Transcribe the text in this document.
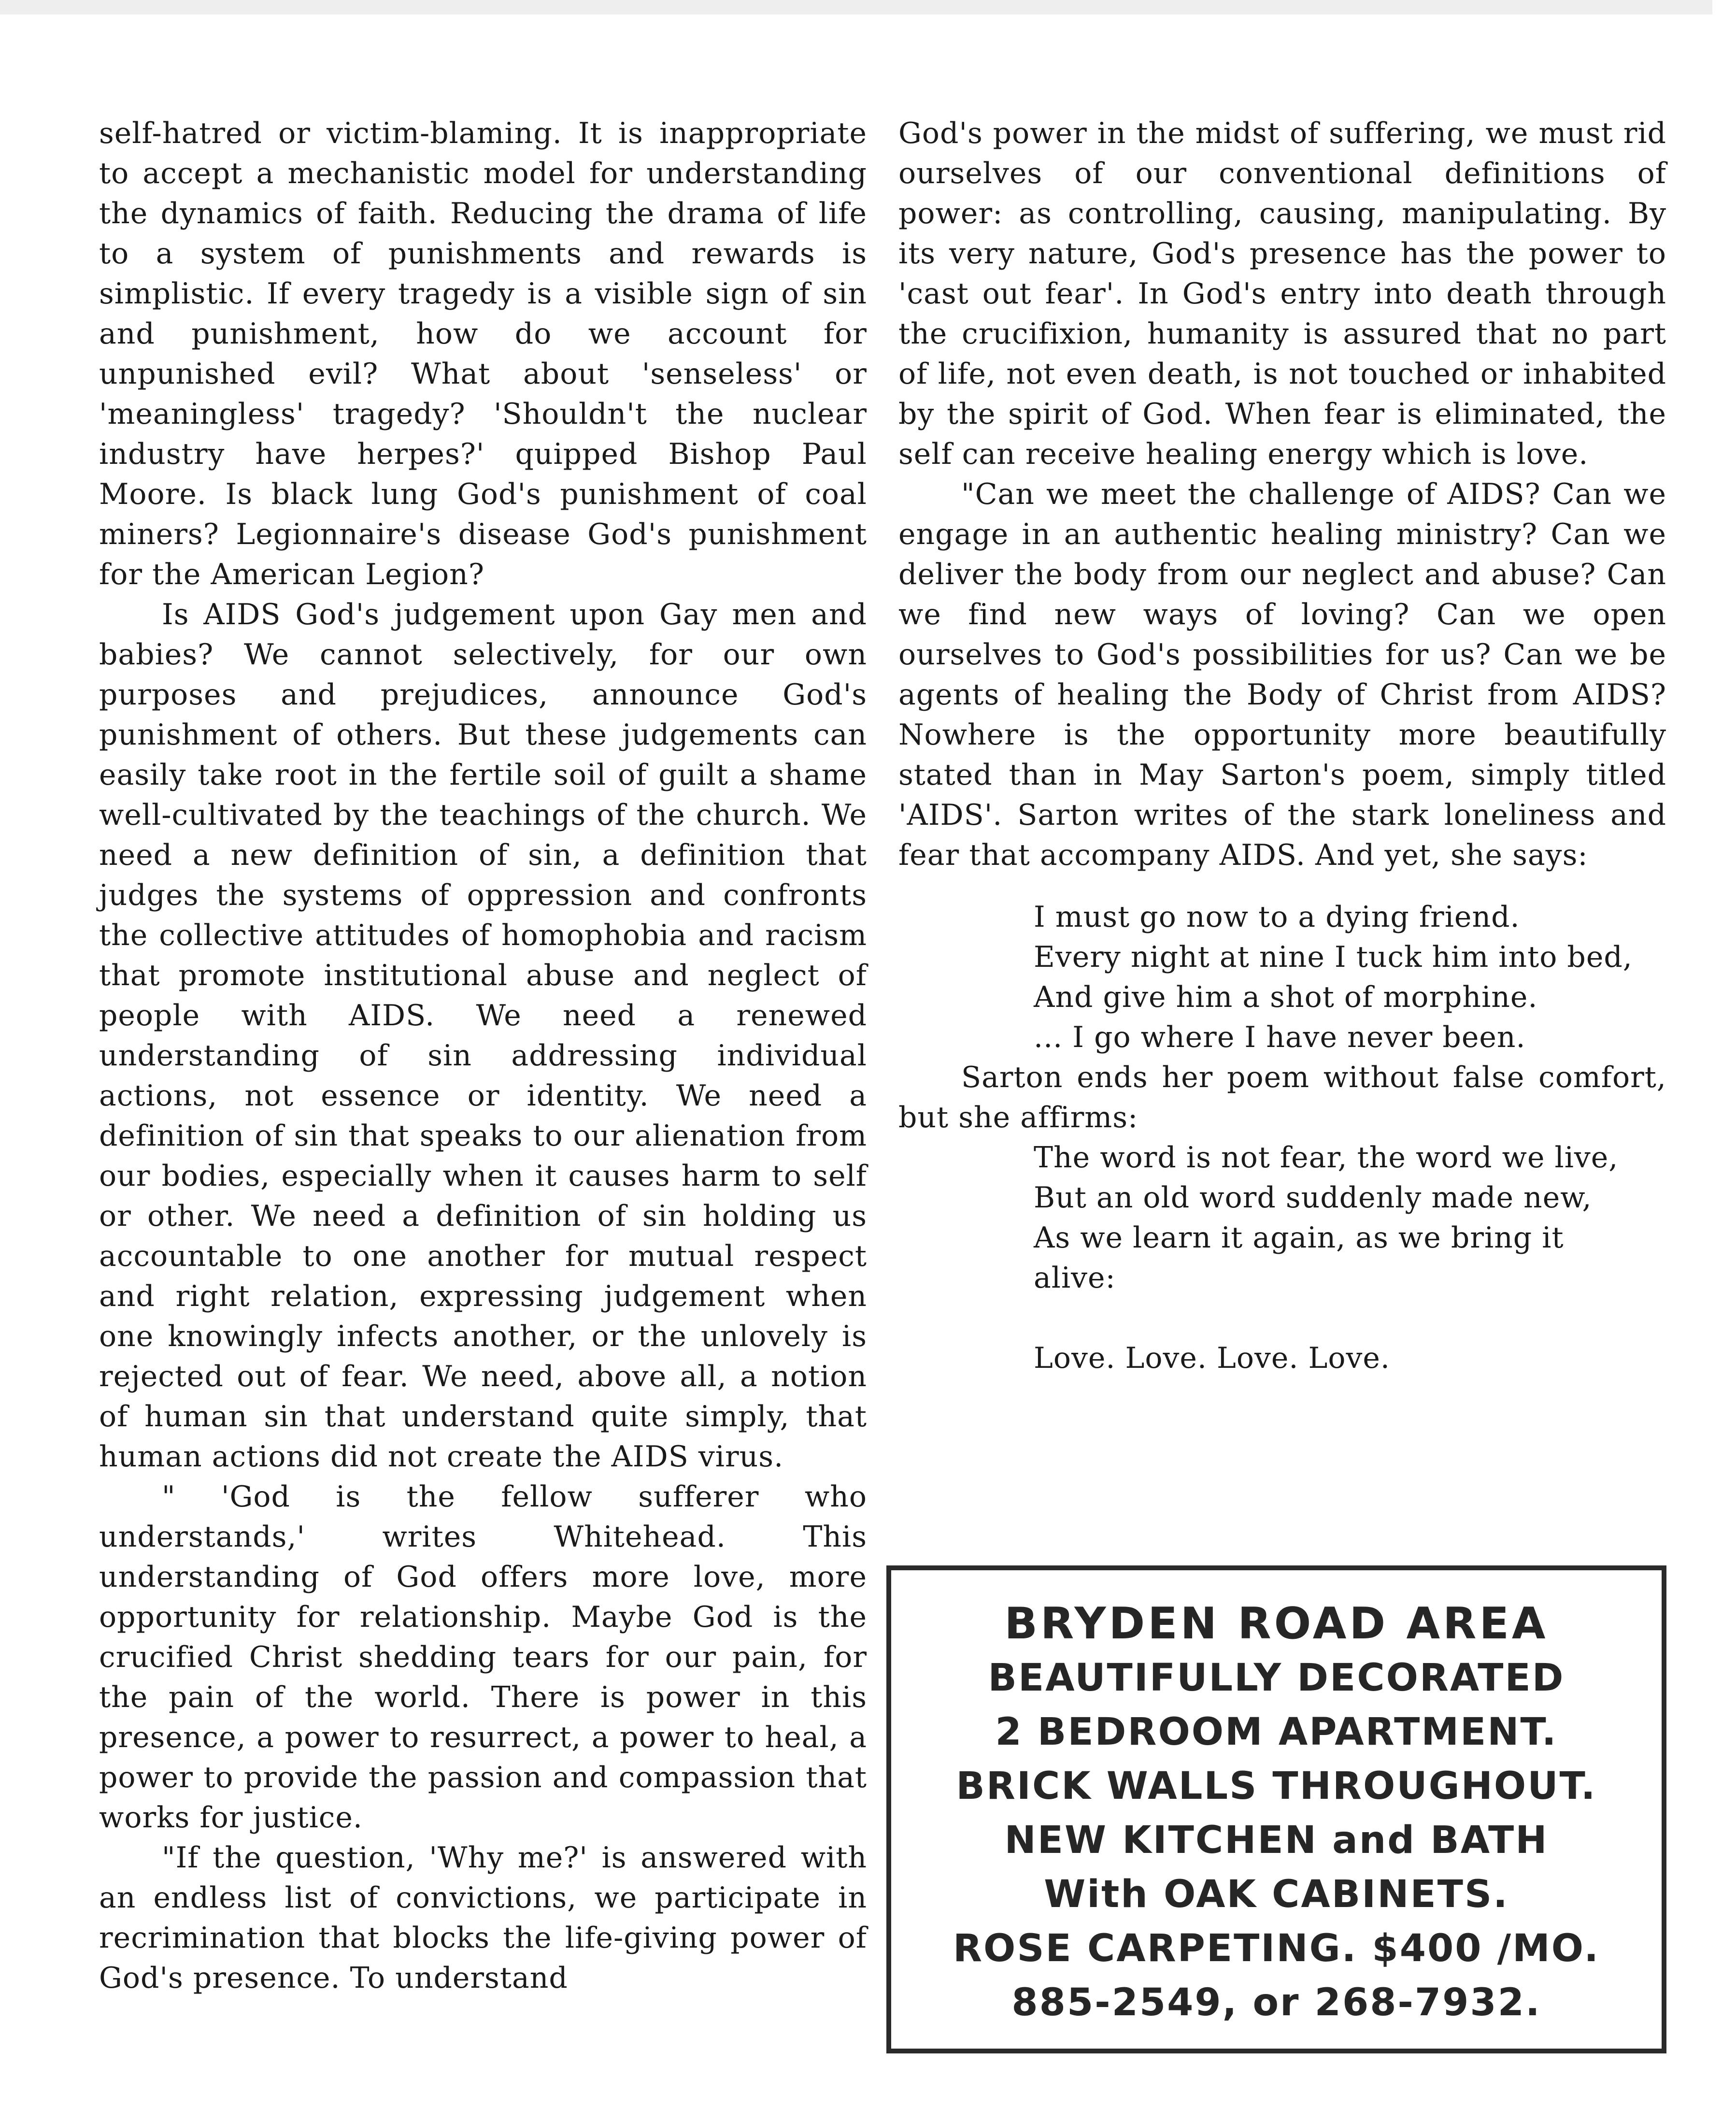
self-hatred or victim-blaming. It is inappropriate to accept a mechanistic model for understanding the dynamics of faith. Reducing the drama of life to a system of punishments and rewards is simplistic. If every tragedy is a visible sign of sin and punishment, how do we account for unpunished evil? What about 'senseless' or 'meaningless' tragedy? 'Shouldn't the nuclear industry have herpes?' quipped Bishop Paul Moore. Is black lung God's punishment of coal miners? Legionnaire's disease God's punishment for the American Legion?

Is AIDS God's judgement upon Gay men and babies? We cannot selectively, for our own purposes and prejudices, announce God's punishment of others. But these judgements can easily take root in the fertile soil of guilt a shame well-cultivated by the teachings of the church. We need a new definition of sin, a definition that judges the systems of oppression and confronts the collective attitudes of homophobia and racism that promote institutional abuse and neglect of people with AIDS. We need a renewed understanding of sin addressing individual actions, not essence or identity. We need a definition of sin that speaks to our alienation from our bodies, especially when it causes harm to self or other. We need a definition of sin holding us accountable to one another for mutual respect and right relation, expressing judgement when one knowingly infects another, or the unlovely is rejected out of fear. We need, above all, a notion of human sin that understand quite simply, that human actions did not create the AIDS virus.

" 'God is the fellow sufferer who understands,' writes Whitehead. This understanding of God offers more love, more opportunity for relationship. Maybe God is the crucified Christ shedding tears for our pain, for the pain of the world. There is power in this presence, a power to resurrect, a power to heal, a power to provide the passion and compassion that works for justice.

"If the question, 'Why me?' is answered with an endless list of convictions, we participate in recrimination that blocks the life-giving power of God's presence. To understand

God's power in the midst of suffering, we must rid ourselves of our conventional definitions of power: as controlling, causing, manipulating. By its very nature, God's presence has the power to 'cast out fear'. In God's entry into death through the crucifixion, humanity is assured that no part of life, not even death, is not touched or inhabited by the spirit of God. When fear is eliminated, the self can receive healing energy which is love.

"Can we meet the challenge of AIDS? Can we engage in an authentic healing ministry? Can we deliver the body from our neglect and abuse? Can we find new ways of loving? Can we open ourselves to God's possibilities for us? Can we be agents of healing the Body of Christ from AIDS? Nowhere is the opportunity more beautifully stated than in May Sarton's poem, simply titled 'AIDS'. Sarton writes of the stark loneliness and fear that accompany AIDS. And yet, she says:

I must go now to a dying friend.
Every night at nine I tuck him into bed,
And give him a shot of morphine.
... I go where I have never been.

Sarton ends her poem without false comfort, but she affirms:

The word is not fear, the word we live,
But an old word suddenly made new,
As we learn it again, as we bring it
alive:
Love. Love. Love. Love.
BRYDEN ROAD AREA
BEAUTIFULLY DECORATED
2 BEDROOM APARTMENT.
BRICK WALLS THROUGHOUT.
NEW KITCHEN and BATH
With OAK CABINETS.
ROSE CARPETING. $400 /MO.
885-2549, or 268-7932.
